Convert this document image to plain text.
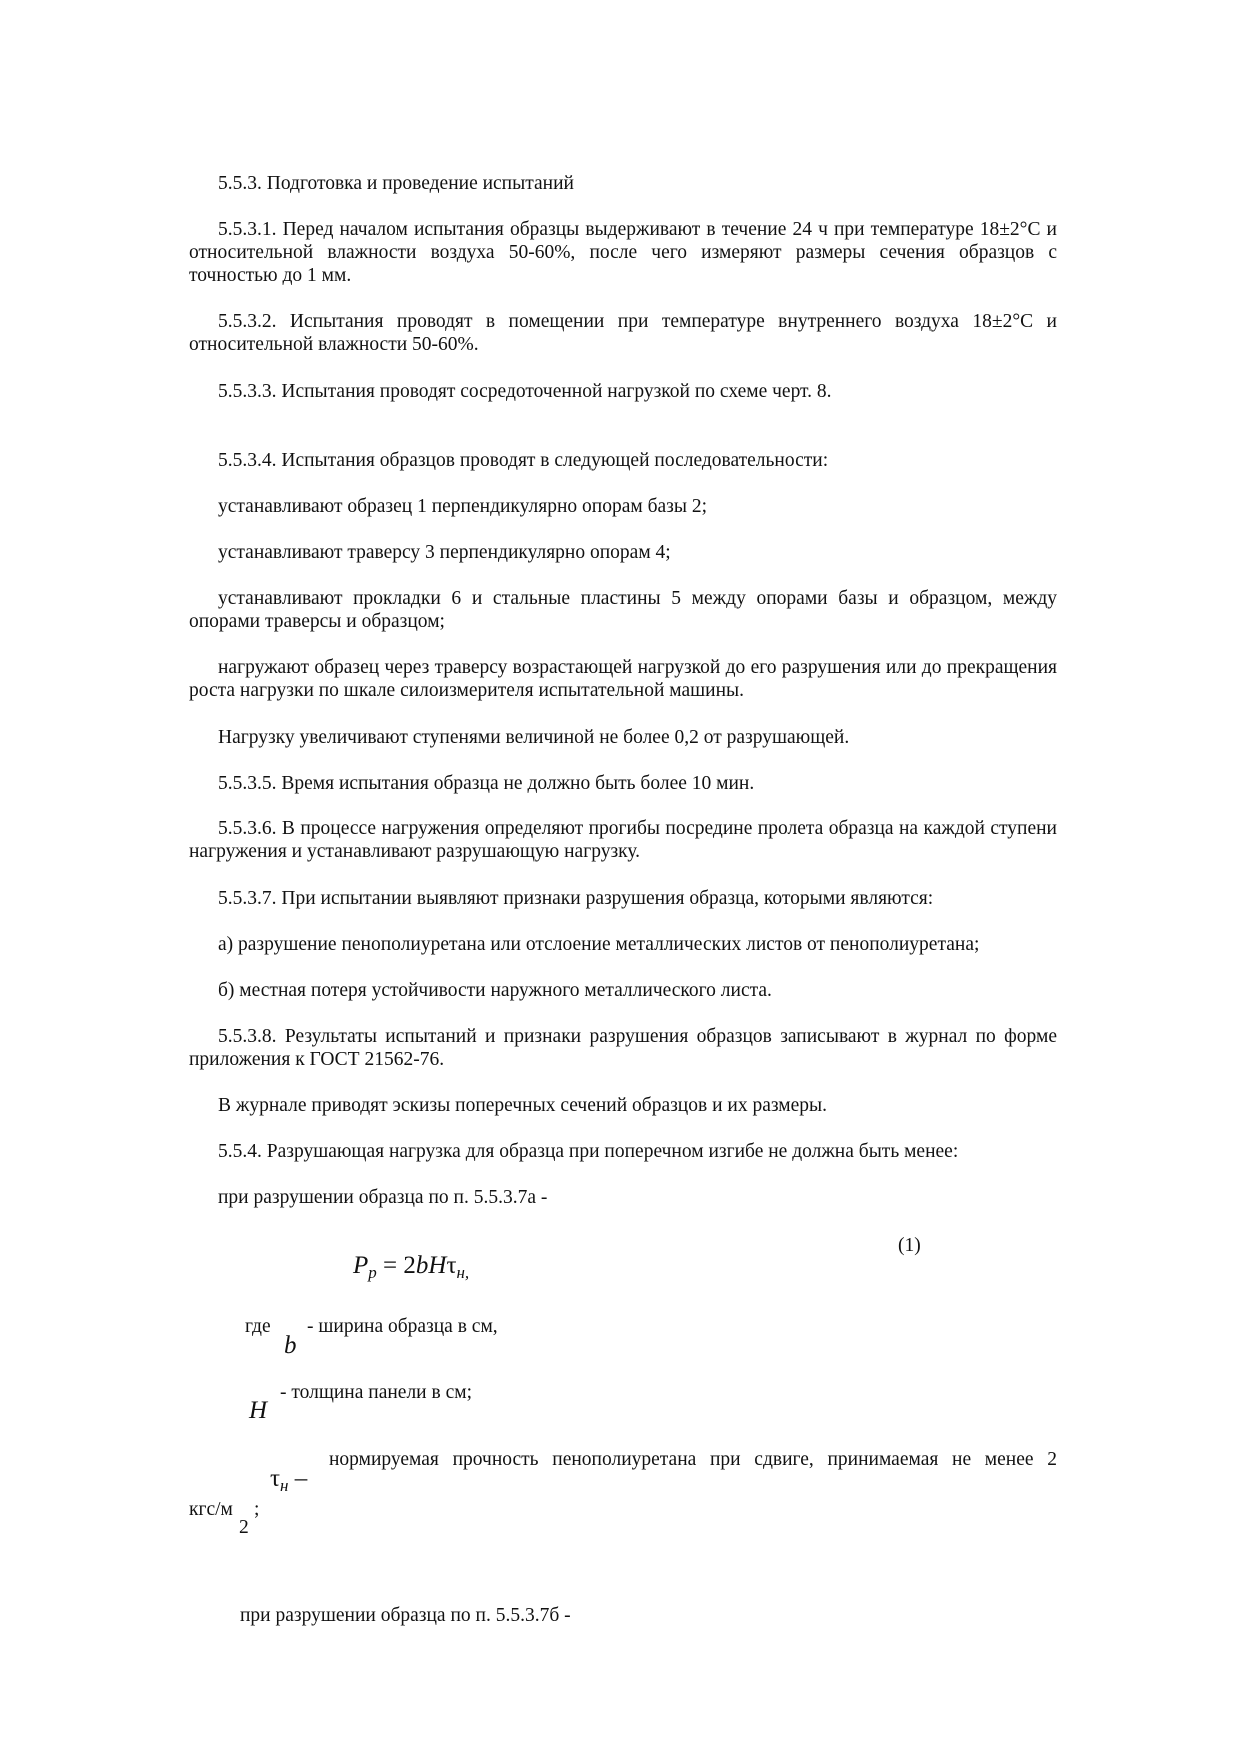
5.5.3. Подготовка и проведение испытаний

5.5.3.1. Перед началом испытания образцы выдерживают в течение 24 ч при температуре 18±2°С и относительной влажности воздуха 50-60%, после чего измеряют размеры сечения образцов с точностью до 1 мм.

5.5.3.2. Испытания проводят в помещении при температуре внутреннего воздуха 18±2°С и относительной влажности 50-60%.

5.5.3.3. Испытания проводят сосредоточенной нагрузкой по схеме черт. 8.

5.5.3.4. Испытания образцов проводят в следующей последовательности:

устанавливают образец 1 перпендикулярно опорам базы 2;

устанавливают траверсу 3 перпендикулярно опорам 4;

устанавливают прокладки 6 и стальные пластины 5 между опорами базы и образцом, между опорами траверсы и образцом;

нагружают образец через траверсу возрастающей нагрузкой до его разрушения или до прекращения роста нагрузки по шкале силоизмерителя испытательной машины.

Нагрузку увеличивают ступенями величиной не более 0,2 от разрушающей.

5.5.3.5. Время испытания образца не должно быть более 10 мин.

5.5.3.6. В процессе нагружения определяют прогибы посредине пролета образца на каждой ступени нагружения и устанавливают разрушающую нагрузку.

5.5.3.7. При испытании выявляют признаки разрушения образца, которыми являются:

а) разрушение пенополиуретана или отслоение металлических листов от пенополиуретана;

б) местная потеря устойчивости наружного металлического листа.

5.5.3.8. Результаты испытаний и признаки разрушения образцов записывают в журнал по форме приложения к ГОСТ 21562-76.

В журнале приводят эскизы поперечных сечений образцов и их размеры.

5.5.4. Разрушающая нагрузка для образца при поперечном изгибе не должна быть менее:

при разрушении образца по п. 5.5.3.7а -

(1)
$P_р = 2bH\tau_{н,}$
где
b
- ширина образца в см,
H
- толщина панели в см;
$\tau_н$ –
нормируемая прочность пенополиуретана при сдвиге, принимаемая не менее 2
кгс/м ;
2
при разрушении образца по п. 5.5.3.7б -
